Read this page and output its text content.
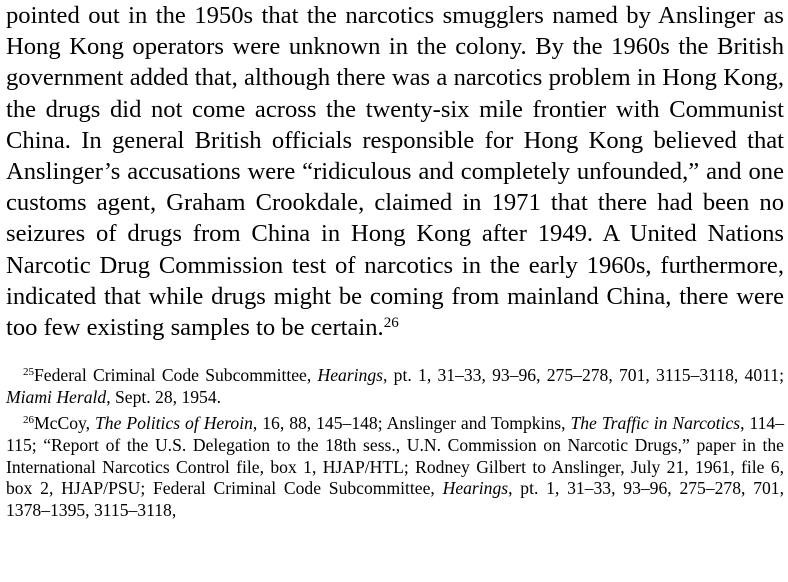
pointed out in the 1950s that the narcotics smugglers named by Anslinger as Hong Kong operators were unknown in the colony. By the 1960s the British government added that, although there was a narcotics problem in Hong Kong, the drugs did not come across the twenty-six mile frontier with Communist China. In general British officials responsible for Hong Kong believed that Anslinger’s accusations were “ridiculous and completely unfounded,” and one customs agent, Graham Crookdale, claimed in 1971 that there had been no seizures of drugs from China in Hong Kong after 1949. A United Nations Narcotic Drug Commission test of narcotics in the early 1960s, furthermore, indicated that while drugs might be coming from mainland China, there were too few existing samples to be certain.$^{26}$

$^{25}$Federal Criminal Code Subcommittee, Hearings, pt. 1, 31–33, 93–96, 275–278, 701, 3115–3118, 4011; Miami Herald, Sept. 28, 1954.

$^{26}$McCoy, The Politics of Heroin, 16, 88, 145–148; Anslinger and Tompkins, The Traffic in Narcotics, 114–115; “Report of the U.S. Delegation to the 18th sess., U.N. Commission on Narcotic Drugs,” paper in the International Narcotics Control file, box 1, HJAP/HTL; Rodney Gilbert to Anslinger, July 21, 1961, file 6, box 2, HJAP/PSU; Federal Criminal Code Subcommittee, Hearings, pt. 1, 31–33, 93–96, 275–278, 701, 1378–1395, 3115–3118,
